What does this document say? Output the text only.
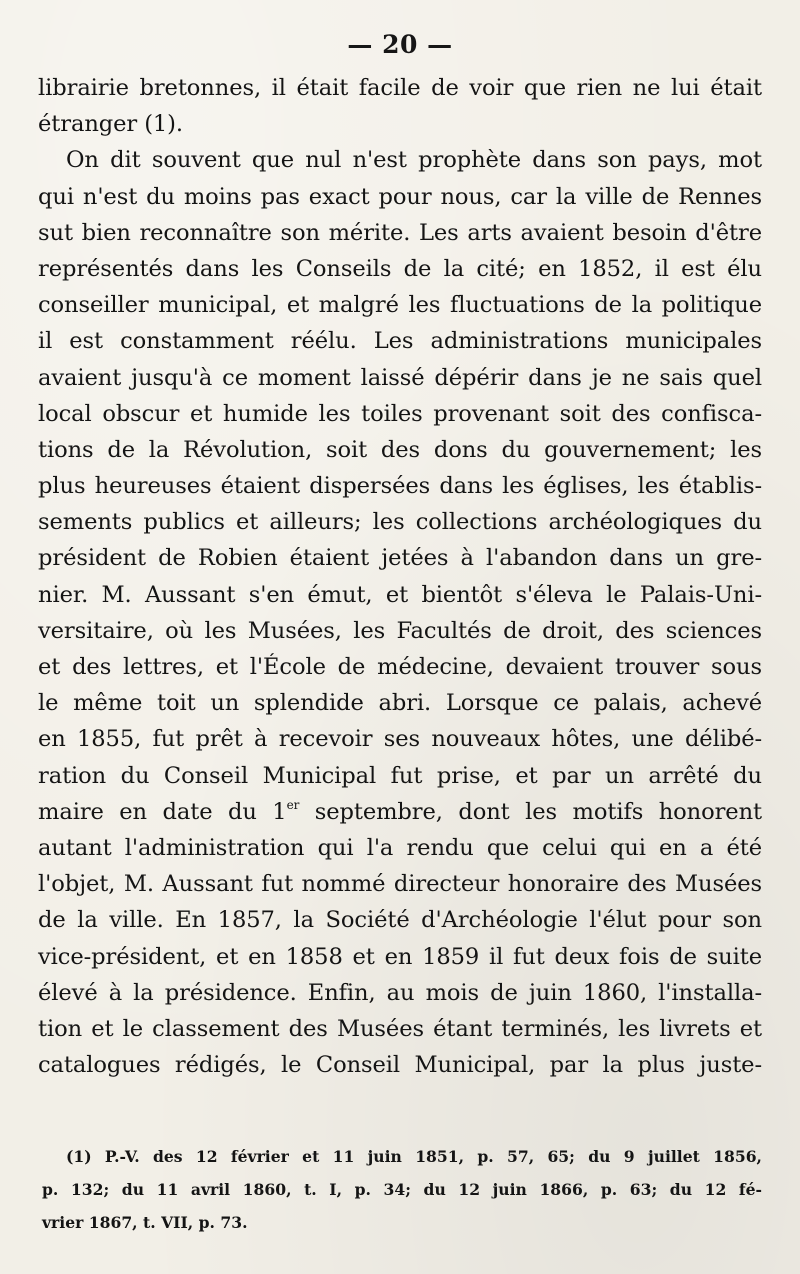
— 20 —
librairie bretonnes, il était facile de voir que rien ne lui était
étranger (1).
On dit souvent que nul n'est prophète dans son pays, mot
qui n'est du moins pas exact pour nous, car la ville de Rennes
sut bien reconnaître son mérite. Les arts avaient besoin d'être
représentés dans les Conseils de la cité; en 1852, il est élu
conseiller municipal, et malgré les fluctuations de la politique
il est constamment réélu. Les administrations municipales
avaient jusqu'à ce moment laissé dépérir dans je ne sais quel
local obscur et humide les toiles provenant soit des confisca-
tions de la Révolution, soit des dons du gouvernement; les
plus heureuses étaient dispersées dans les églises, les établis-
sements publics et ailleurs; les collections archéologiques du
président de Robien étaient jetées à l'abandon dans un gre-
nier. M. Aussant s'en émut, et bientôt s'éleva le Palais-Uni-
versitaire, où les Musées, les Facultés de droit, des sciences
et des lettres, et l'École de médecine, devaient trouver sous
le même toit un splendide abri. Lorsque ce palais, achevé
en 1855, fut prêt à recevoir ses nouveaux hôtes, une délibé-
ration du Conseil Municipal fut prise, et par un arrêté du
maire en date du 1er septembre, dont les motifs honorent
autant l'administration qui l'a rendu que celui qui en a été
l'objet, M. Aussant fut nommé directeur honoraire des Musées
de la ville. En 1857, la Société d'Archéologie l'élut pour son
vice-président, et en 1858 et en 1859 il fut deux fois de suite
élevé à la présidence. Enfin, au mois de juin 1860, l'installa-
tion et le classement des Musées étant terminés, les livrets et
catalogues rédigés, le Conseil Municipal, par la plus juste-
(1) P.-V. des 12 février et 11 juin 1851, p. 57, 65; du 9 juillet 1856,
p. 132; du 11 avril 1860, t. I, p. 34; du 12 juin 1866, p. 63; du 12 fé-
vrier 1867, t. VII, p. 73.
